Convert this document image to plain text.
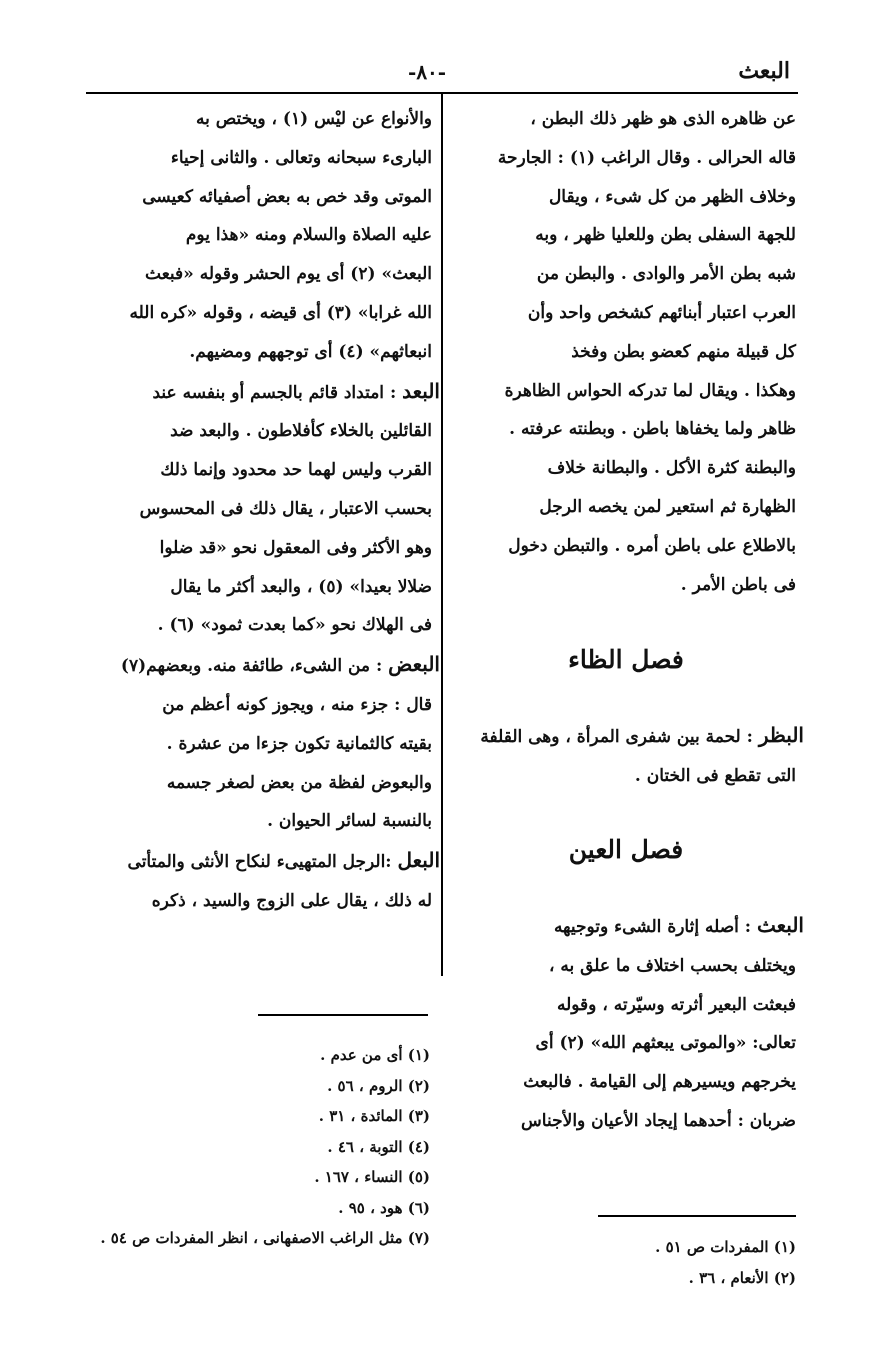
البعث
-٨٠-

عن ظاهره الذى هو ظهر ذلك البطن ،

قاله الحرالى . وقال الراغب (١) : الجارحة

وخلاف الظهر من كل شىء ، ويقال

للجهة السفلى بطن وللعليا ظهر ، وبه

شبه بطن الأمر والوادى . والبطن من

العرب اعتبار أبنائهم كشخص واحد وأن

كل قبيلة منهم كعضو بطن وفخذ

وهكذا . ويقال لما تدركه الحواس الظاهرة

ظاهر ولما يخفاها باطن . وبطنته عرفته .

والبطنة كثرة الأكل . والبطانة خلاف

الظهارة ثم استعير لمن يخصه الرجل

بالاطلاع على باطن أمره . والتبطن دخول

فى باطن الأمر .

فصل الظاء

البظر : لحمة بين شفرى المرأة ، وهى القلفة

التى تقطع فى الختان .

فصل العين

البعث : أصله إثارة الشىء وتوجيهه

ويختلف بحسب اختلاف ما علق به ،

فبعثت البعير أثرته وسيّرته ، وقوله

تعالى: «والموتى يبعثهم الله» (٢) أى

يخرجهم ويسيرهم إلى القيامة . فالبعث

ضربان : أحدهما إيجاد الأعيان والأجناس

والأنواع عن ليْس (١) ، ويختص به

البارىء سبحانه وتعالى . والثانى إحياء

الموتى وقد خص به بعض أصفيائه كعيسى

عليه الصلاة والسلام ومنه «هذا يوم

البعث» (٢) أى يوم الحشر وقوله «فبعث

الله غرابا» (٣) أى قيضه ، وقوله «كره الله

انبعاثهم» (٤) أى توجههم ومضيهم.

البعد : امتداد قائم بالجسم أو بنفسه عند

القائلين بالخلاء كأفلاطون . والبعد ضد

القرب وليس لهما حد محدود وإنما ذلك

بحسب الاعتبار ، يقال ذلك فى المحسوس

وهو الأكثر وفى المعقول نحو «قد ضلوا

ضلالا بعيدا» (٥) ، والبعد أكثر ما يقال

فى الهلاك نحو «كما بعدت ثمود» (٦) .

البعض : من الشىء، طائفة منه. وبعضهم(٧)

قال : جزء منه ، ويجوز كونه أعظم من

بقيته كالثمانية تكون جزءا من عشرة .

والبعوض لفظة من بعض لصغر جسمه

بالنسبة لسائر الحيوان .

البعل :الرجل المتهيىء لنكاح الأنثى والمتأتى

له ذلك ، يقال على الزوج والسيد ، ذكره

(١) أى من عدم .
(٢) الروم ، ٥٦ .
(٣) المائدة ، ٣١ .
(٤) التوبة ، ٤٦ .
(٥) النساء ، ١٦٧ .
(٦) هود ، ٩٥ .
(٧) مثل الراغب الاصفهانى ، انظر المفردات ص ٥٤ .	(١) المفردات ص ٥١ .
(٢) الأنعام ، ٣٦ .
